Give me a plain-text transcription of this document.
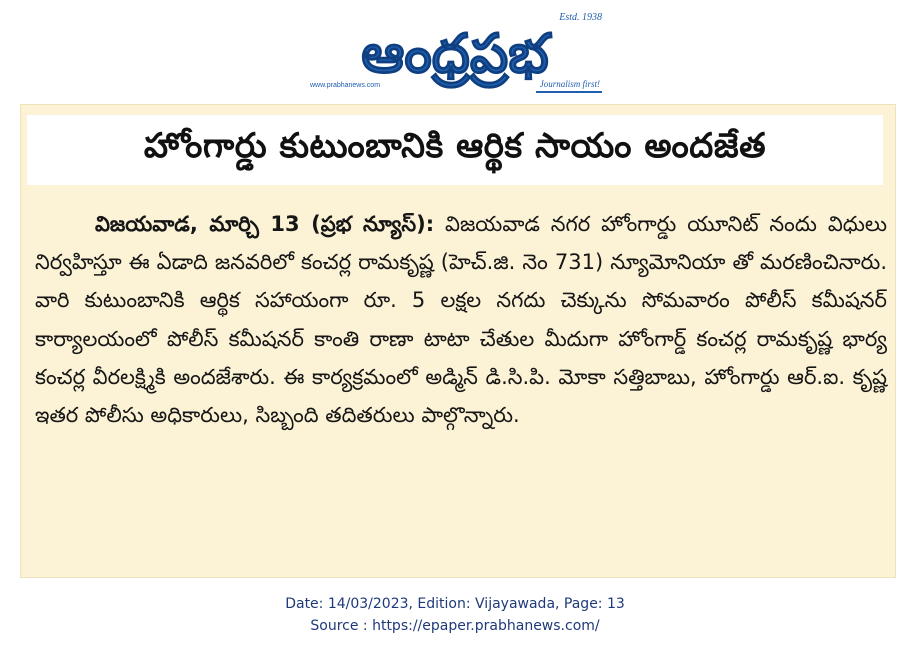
Estd. 1938
ఆంధ్రప్రభ
www.prabhanews.com	Journalism first!
హోంగార్డు కుటుంబానికి ఆర్థిక సాయం అందజేత
విజయవాడ, మార్చి 13 (ప్రభ న్యూస్): విజయవాడ నగర హోంగార్డు యూనిట్ నందు విధులు నిర్వహిస్తూ ఈ ఏడాది జనవరిలో కంచర్ల రామకృష్ణ (హెచ్.జి. నెం 731) న్యూమోనియా తో మరణించినారు. వారి కుటుంబానికి ఆర్థిక సహాయంగా రూ. 5 లక్షల నగదు చెక్కును సోమవారం పోలీస్ కమీషనర్ కార్యాలయంలో పోలీస్ కమీషనర్ కాంతి రాణా టాటా చేతుల మీదుగా హోంగార్డ్ కంచర్ల రామకృష్ణ భార్య కంచర్ల వీరలక్ష్మికి అందజేశారు. ఈ కార్యక్రమంలో అడ్మిన్ డి.సి.పి. మోకా సత్తిబాబు, హోంగార్డు ఆర్.ఐ. కృష్ణ ఇతర పోలీసు అధికారులు, సిబ్బంది తదితరులు పాల్గొన్నారు.
Date: 14/03/2023, Edition: Vijayawada, Page: 13
Source : https://epaper.prabhanews.com/
